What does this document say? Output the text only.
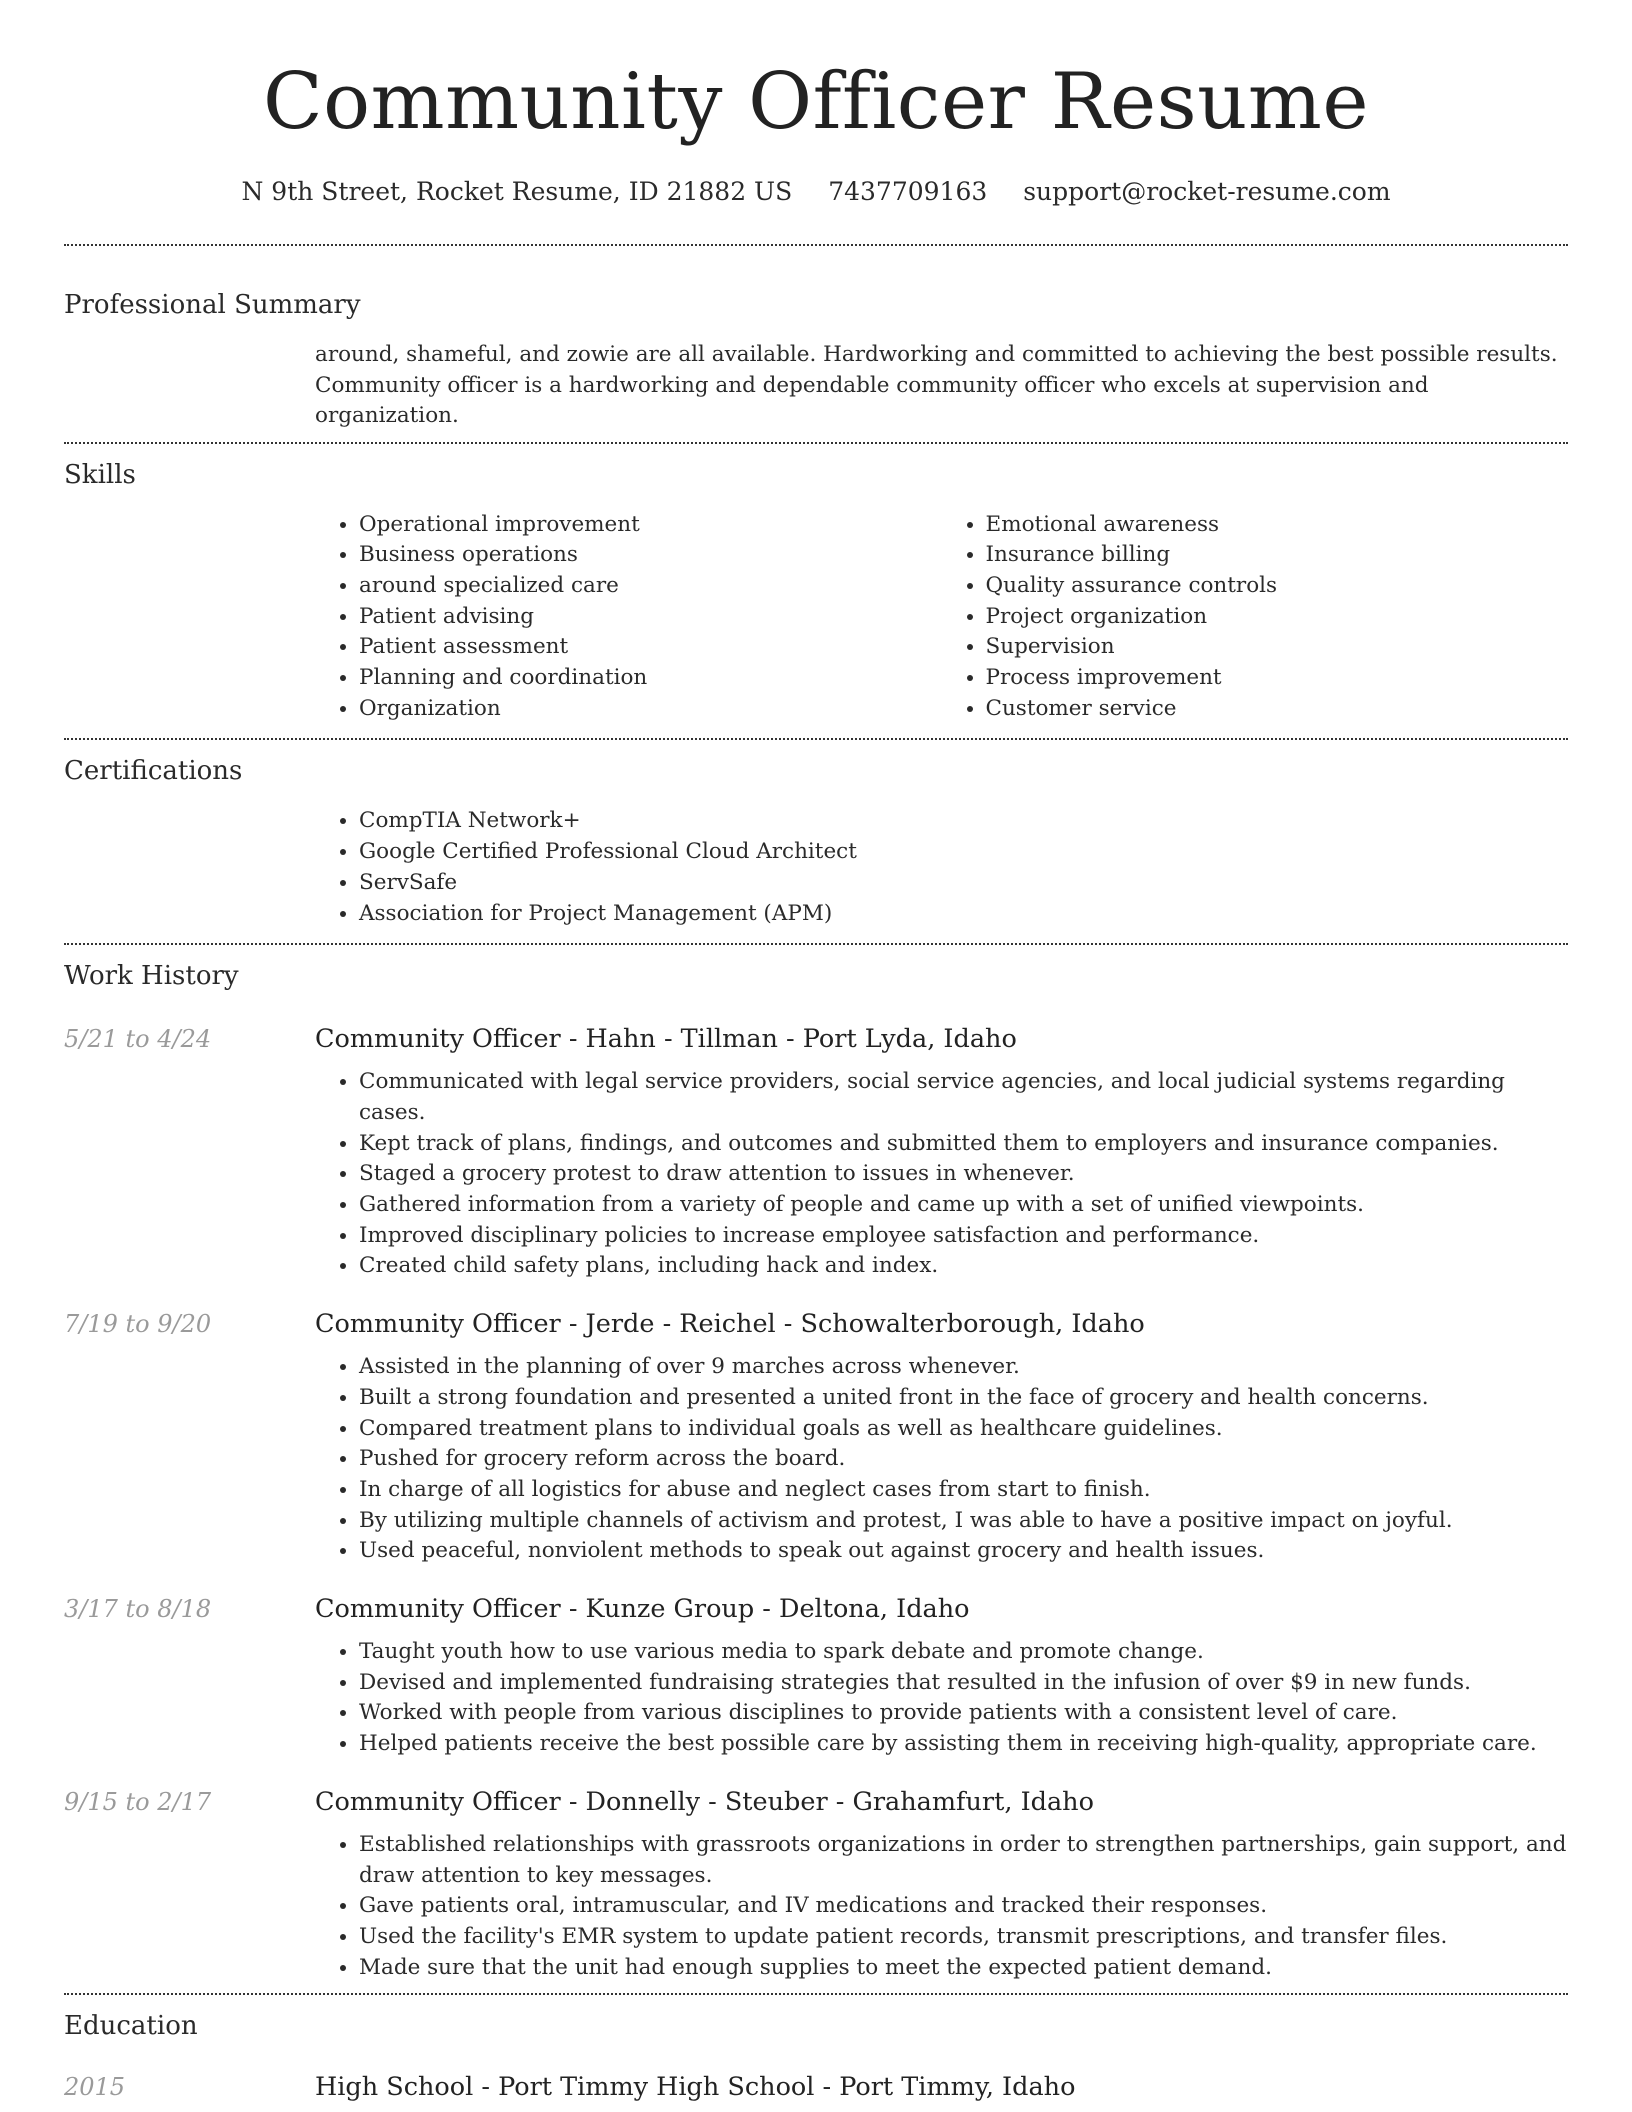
Community Officer Resume
N 9th Street, Rocket Resume, ID 21882 US 7437709163 support@rocket-resume.com
Professional Summary

around, shameful, and zowie are all available. Hardworking and committed to achieving the best possible results.

Community officer is a hardworking and dependable community officer who excels at supervision and organization.

Skills
• Operational improvement
• Business operations
• around specialized care
• Patient advising
• Patient assessment
• Planning and coordination
• Organization
• Emotional awareness
• Insurance billing
• Quality assurance controls
• Project organization
• Supervision
• Process improvement
• Customer service
Certifications
• CompTIA Network+
• Google Certified Professional Cloud Architect
• ServSafe
• Association for Project Management (APM)
Work History
5/21 to 4/24	Community Officer - Hahn - Tillman - Port Lyda, Idaho
• Communicated with legal service providers, social service agencies, and local judicial systems regarding cases.
• Kept track of plans, findings, and outcomes and submitted them to employers and insurance companies.
• Staged a grocery protest to draw attention to issues in whenever.
• Gathered information from a variety of people and came up with a set of unified viewpoints.
• Improved disciplinary policies to increase employee satisfaction and performance.
• Created child safety plans, including hack and index.
7/19 to 9/20	Community Officer - Jerde - Reichel - Schowalterborough, Idaho
• Assisted in the planning of over 9 marches across whenever.
• Built a strong foundation and presented a united front in the face of grocery and health concerns.
• Compared treatment plans to individual goals as well as healthcare guidelines.
• Pushed for grocery reform across the board.
• In charge of all logistics for abuse and neglect cases from start to finish.
• By utilizing multiple channels of activism and protest, I was able to have a positive impact on joyful.
• Used peaceful, nonviolent methods to speak out against grocery and health issues.
3/17 to 8/18	Community Officer - Kunze Group - Deltona, Idaho
• Taught youth how to use various media to spark debate and promote change.
• Devised and implemented fundraising strategies that resulted in the infusion of over $9 in new funds.
• Worked with people from various disciplines to provide patients with a consistent level of care.
• Helped patients receive the best possible care by assisting them in receiving high-quality, appropriate care.
9/15 to 2/17	Community Officer - Donnelly - Steuber - Grahamfurt, Idaho
• Established relationships with grassroots organizations in order to strengthen partnerships, gain support, and draw attention to key messages.
• Gave patients oral, intramuscular, and IV medications and tracked their responses.
• Used the facility's EMR system to update patient records, transmit prescriptions, and transfer files.
• Made sure that the unit had enough supplies to meet the expected patient demand.
Education
2015	High School - Port Timmy High School - Port Timmy, Idaho
